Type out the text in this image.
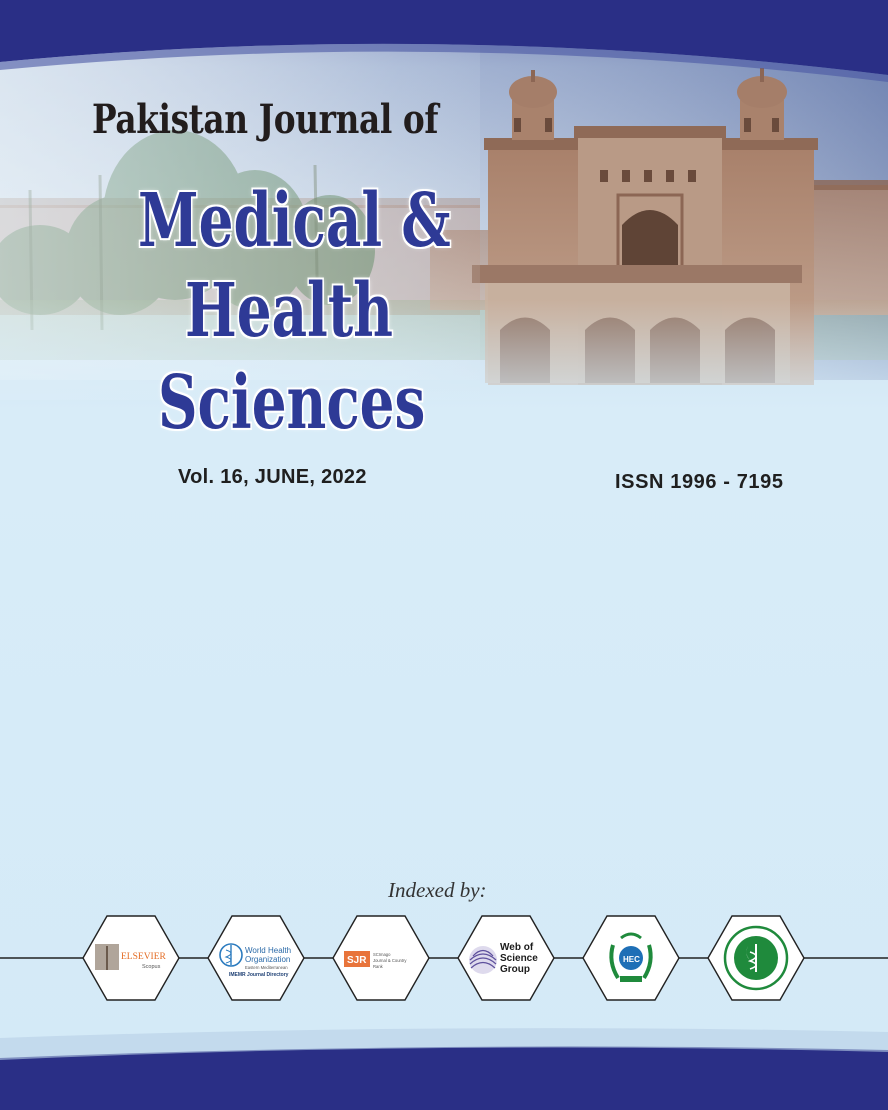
Pakistan Journal of
Medical &
Health
Sciences
Vol. 16, JUNE, 2022	ISSN 1996 - 7195
Indexed by:
ELSEVIER
Scopus
World Health
Organization
Eastern Mediterranean
IMEMR Journal Directory
SJR
SCImago
Journal & Country
Rank
Web of
Science
Group
HEC
